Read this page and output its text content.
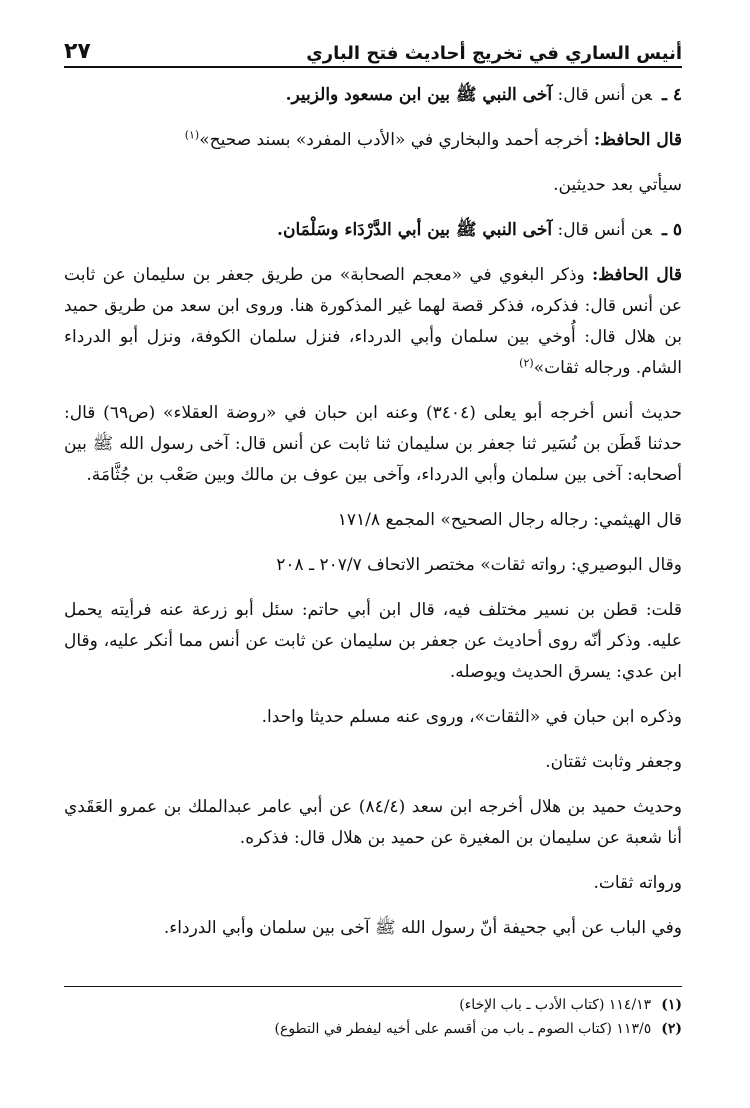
أنيس الساري في تخريج أحاديث فتح الباري
٢٧

٤ ـعن أنس قال: آخى النبي ﷺ بين ابن مسعود والزبير.

قال الحافظ: أخرجه أحمد والبخاري في «الأدب المفرد» بسند صحيح»$^{(١)}$

سيأتي بعد حديثين.

٥ ـعن أنس قال: آخى النبي ﷺ بين أبي الدَّرْدَاء وسَلْمَان.

قال الحافظ: وذكر البغوي في «معجم الصحابة» من طريق جعفر بن سليمان عن ثابت عن أنس قال: فذكره، فذكر قصة لهما غير المذكورة هنا. وروى ابن سعد من طريق حميد بن هلال قال: أُوخي بين سلمان وأبي الدرداء، فنزل سلمان الكوفة، ونزل أبو الدرداء الشام. ورجاله ثقات»$^{(٢)}$

حديث أنس أخرجه أبو يعلى (٣٤٠٤) وعنه ابن حبان في «روضة العقلاء» (ص٦٩) قال: حدثنا قَطَن بن نُسَير ثنا جعفر بن سليمان ثنا ثابت عن أنس قال: آخى رسول الله ﷺ بين أصحابه: آخى بين سلمان وأبي الدرداء، وآخى بين عوف بن مالك وبين صَعْب بن جُثَّامَة.

قال الهيثمي: رجاله رجال الصحيح» المجمع ١٧١/٨

وقال البوصيري: رواته ثقات» مختصر الاتحاف ٢٠٧/٧ ـ ٢٠٨

قلت: قطن بن نسير مختلف فيه، قال ابن أبي حاتم: سئل أبو زرعة عنه فرأيته يحمل عليه. وذكر أنّه روى أحاديث عن جعفر بن سليمان عن ثابت عن أنس مما أنكر عليه، وقال ابن عدي: يسرق الحديث ويوصله.

وذكره ابن حبان في «الثقات»، وروى عنه مسلم حديثا واحدا.

وجعفر وثابت ثقتان.

وحديث حميد بن هلال أخرجه ابن سعد (٨٤/٤) عن أبي عامر عبدالملك بن عمرو العَقَدي أنا شعبة عن سليمان بن المغيرة عن حميد بن هلال قال: فذكره.

ورواته ثقات.

وفي الباب عن أبي جحيفة أنّ رسول الله ﷺ آخى بين سلمان وأبي الدرداء.

(١)
١١٤/١٣ (كتاب الأدب ـ باب الإخاء)
(٢)
١١٣/٥ (كتاب الصوم ـ باب من أقسم على أخيه ليفطر في التطوع)
